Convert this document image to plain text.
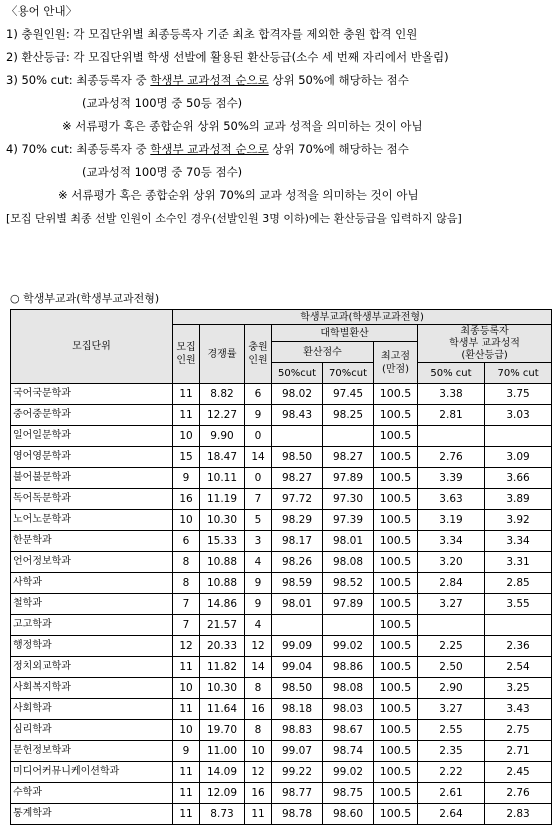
〈용어 안내〉

1) 충원인원: 각 모집단위별 최종등록자 기준 최초 합격자를 제외한 충원 합격 인원

2) 환산등급: 각 모집단위별 학생 선발에 활용된 환산등급(소수 세 번째 자리에서 반올림)

3) 50% cut: 최종등록자 중 학생부 교과성적 순으로 상위 50%에 해당하는 점수

(교과성적 100명 중 50등 점수)

※ 서류평가 혹은 종합순위 상위 50%의 교과 성적을 의미하는 것이 아님

4) 70% cut: 최종등록자 중 학생부 교과성적 순으로 상위 70%에 해당하는 점수

(교과성적 100명 중 70등 점수)

※ 서류평가 혹은 종합순위 상위 70%의 교과 성적을 의미하는 것이 아님

[모집 단위별 최종 선발 인원이 소수인 경우(선발인원 3명 이하)에는 환산등급을 입력하지 않음]

○ 학생부교과(학생부교과전형)
모집단위	학생부교과(학생부교과전형)							
	모집
인원	경쟁률	충원
인원	대학별환산			최종등록자
학생부 교과성적
(환산등급)	
				환산점수		최고점
(만점)		
				50%cut	70%cut		50% cut	70% cut
국어국문학과	11	8.82	6	98.02	97.45	100.5	3.38	3.75
중어중문학과	11	12.27	9	98.43	98.25	100.5	2.81	3.03
일어일문학과	10	9.90	0			100.5		
영어영문학과	15	18.47	14	98.50	98.27	100.5	2.76	3.09
불어불문학과	9	10.11	0	98.27	97.89	100.5	3.39	3.66
독어독문학과	16	11.19	7	97.72	97.30	100.5	3.63	3.89
노어노문학과	10	10.30	5	98.29	97.39	100.5	3.19	3.92
한문학과	6	15.33	3	98.17	98.01	100.5	3.34	3.34
언어정보학과	8	10.88	4	98.26	98.08	100.5	3.20	3.31
사학과	8	10.88	9	98.59	98.52	100.5	2.84	2.85
철학과	7	14.86	9	98.01	97.89	100.5	3.27	3.55
고고학과	7	21.57	4			100.5		
행정학과	12	20.33	12	99.09	99.02	100.5	2.25	2.36
정치외교학과	11	11.82	14	99.04	98.86	100.5	2.50	2.54
사회복지학과	10	10.30	8	98.50	98.08	100.5	2.90	3.25
사회학과	11	11.64	16	98.18	98.03	100.5	3.27	3.43
심리학과	10	19.70	8	98.83	98.67	100.5	2.55	2.75
문헌정보학과	9	11.00	10	99.07	98.74	100.5	2.35	2.71
미디어커뮤니케이션학과	11	14.09	12	99.22	99.02	100.5	2.22	2.45
수학과	11	12.09	16	98.77	98.75	100.5	2.61	2.76
통계학과	11	8.73	11	98.78	98.60	100.5	2.64	2.83
